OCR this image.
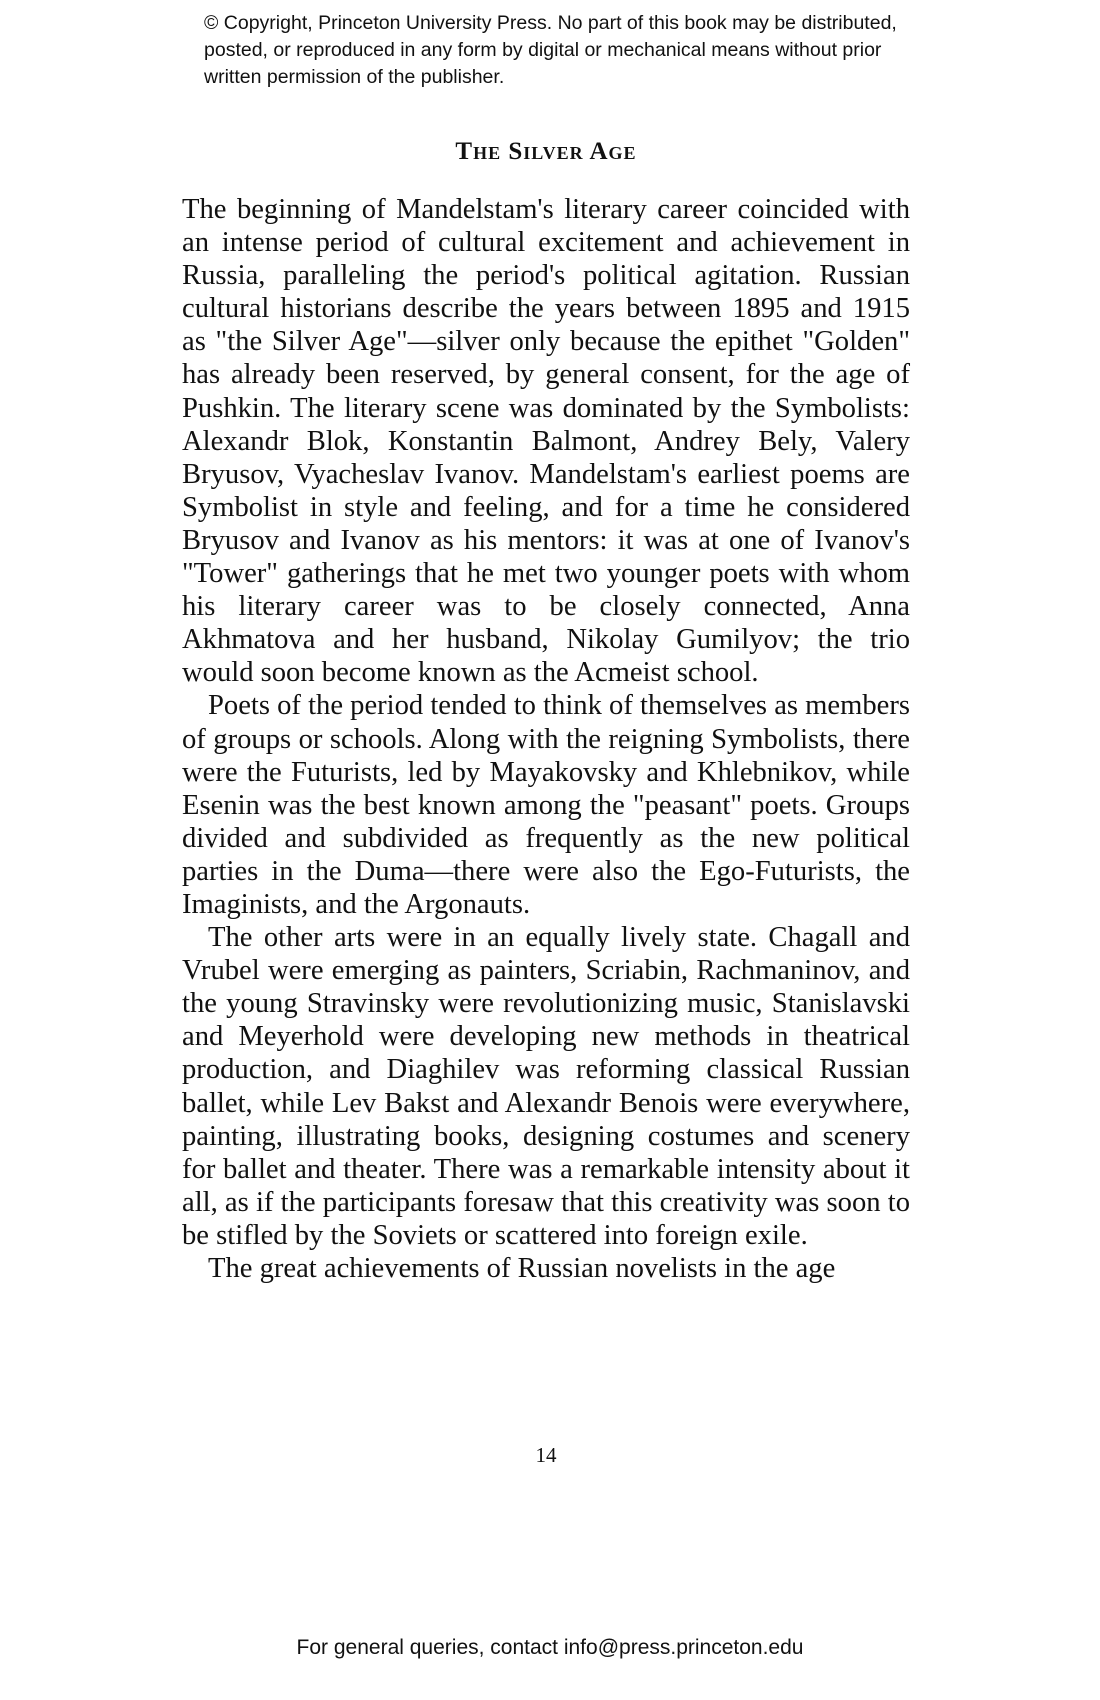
© Copyright, Princeton University Press. No part of this book may be distributed, posted, or reproduced in any form by digital or mechanical means without prior written permission of the publisher.

The Silver Age

The beginning of Mandelstam's literary career coincided with an intense period of cultural excitement and achievement in Russia, paralleling the period's political agitation. Russian cultural historians describe the years between 1895 and 1915 as "the Silver Age"—silver only because the epithet "Golden" has already been reserved, by general consent, for the age of Pushkin. The literary scene was dominated by the Symbolists: Alexandr Blok, Konstantin Balmont, Andrey Bely, Valery Bryusov, Vyacheslav Ivanov. Mandelstam's earliest poems are Symbolist in style and feeling, and for a time he considered Bryusov and Ivanov as his mentors: it was at one of Ivanov's "Tower" gatherings that he met two younger poets with whom his literary career was to be closely connected, Anna Akhmatova and her husband, Nikolay Gumilyov; the trio would soon become known as the Acmeist school.

Poets of the period tended to think of themselves as members of groups or schools. Along with the reigning Symbolists, there were the Futurists, led by Mayakovsky and Khlebnikov, while Esenin was the best known among the "peasant" poets. Groups divided and subdivided as frequently as the new political parties in the Duma—there were also the Ego-Futurists, the Imaginists, and the Argonauts.

The other arts were in an equally lively state. Chagall and Vrubel were emerging as painters, Scriabin, Rachmaninov, and the young Stravinsky were revolutionizing music, Stanislavski and Meyerhold were developing new methods in theatrical production, and Diaghilev was reforming classical Russian ballet, while Lev Bakst and Alexandr Benois were everywhere, painting, illustrating books, designing costumes and scenery for ballet and theater. There was a remarkable intensity about it all, as if the participants foresaw that this creativity was soon to be stifled by the Soviets or scattered into foreign exile.

The great achievements of Russian novelists in the age

14
For general queries, contact info@press.princeton.edu
